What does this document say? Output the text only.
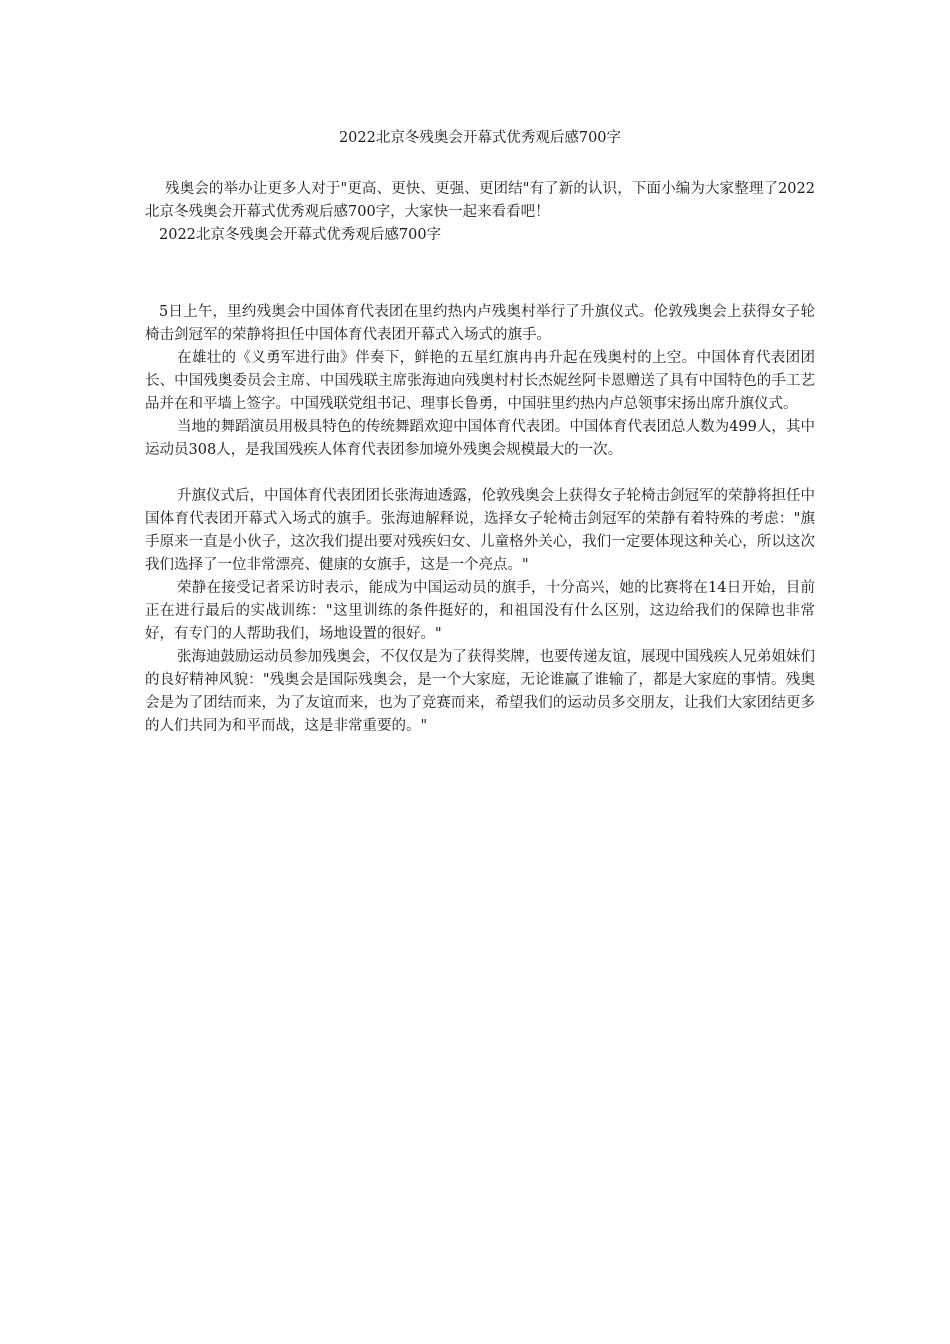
2022北京冬残奥会开幕式优秀观后感700字

残奥会的举办让更多人对于"更高、更快、更强、更团结"有了新的认识，下面小编为大家整理了2022北京冬残奥会开幕式优秀观后感700字，大家快一起来看看吧！

2022北京冬残奥会开幕式优秀观后感700字

5日上午，里约残奥会中国体育代表团在里约热内卢残奥村举行了升旗仪式。伦敦残奥会上获得女子轮椅击剑冠军的荣静将担任中国体育代表团开幕式入场式的旗手。

在雄壮的《义勇军进行曲》伴奏下，鲜艳的五星红旗冉冉升起在残奥村的上空。中国体育代表团团长、中国残奥委员会主席、中国残联主席张海迪向残奥村村长杰妮丝阿卡恩赠送了具有中国特色的手工艺品并在和平墙上签字。中国残联党组书记、理事长鲁勇，中国驻里约热内卢总领事宋扬出席升旗仪式。

当地的舞蹈演员用极具特色的传统舞蹈欢迎中国体育代表团。中国体育代表团总人数为499人，其中运动员308人，是我国残疾人体育代表团参加境外残奥会规模最大的一次。

升旗仪式后，中国体育代表团团长张海迪透露，伦敦残奥会上获得女子轮椅击剑冠军的荣静将担任中国体育代表团开幕式入场式的旗手。张海迪解释说，选择女子轮椅击剑冠军的荣静有着特殊的考虑："旗手原来一直是小伙子，这次我们提出要对残疾妇女、儿童格外关心，我们一定要体现这种关心，所以这次我们选择了一位非常漂亮、健康的女旗手，这是一个亮点。"

荣静在接受记者采访时表示，能成为中国运动员的旗手，十分高兴，她的比赛将在14日开始，目前正在进行最后的实战训练："这里训练的条件挺好的，和祖国没有什么区别，这边给我们的保障也非常好，有专门的人帮助我们，场地设置的很好。"

张海迪鼓励运动员参加残奥会，不仅仅是为了获得奖牌，也要传递友谊，展现中国残疾人兄弟姐妹们的良好精神风貌："残奥会是国际残奥会，是一个大家庭，无论谁赢了谁输了，都是大家庭的事情。残奥会是为了团结而来，为了友谊而来，也为了竞赛而来，希望我们的运动员多交朋友，让我们大家团结更多的人们共同为和平而战，这是非常重要的。"
